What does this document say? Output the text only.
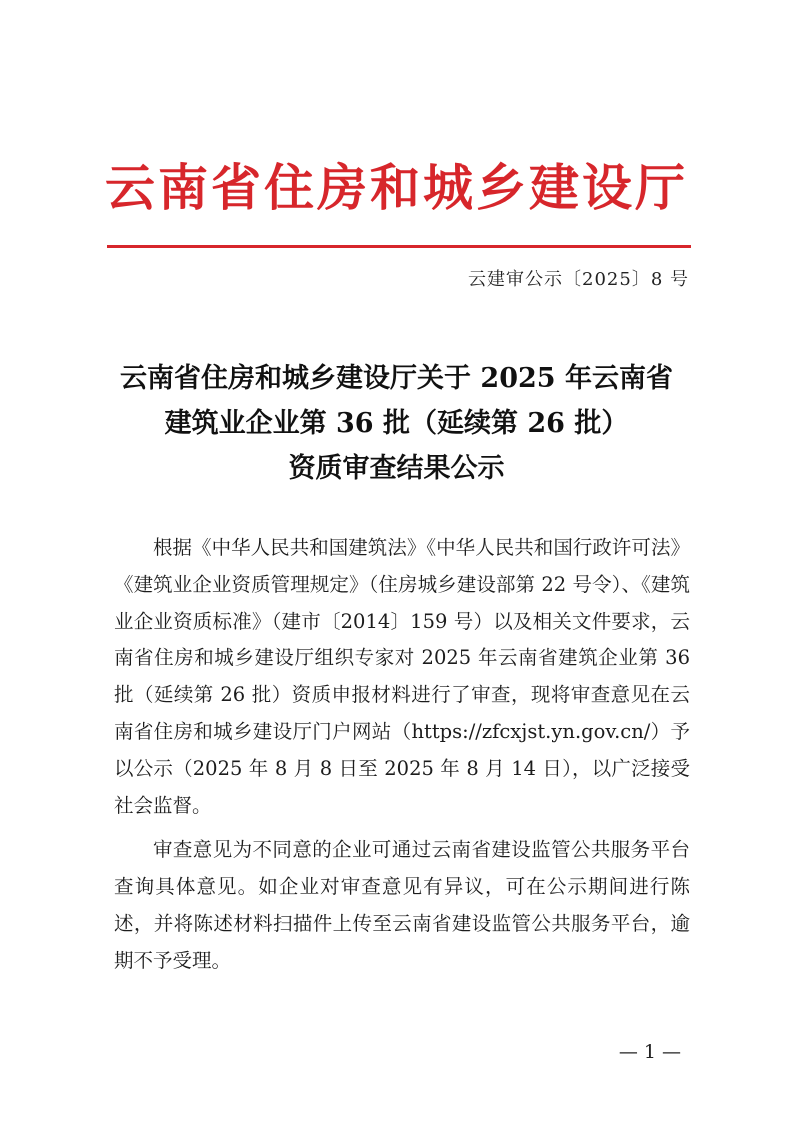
云南省住房和城乡建设厅
云建审公示〔2025〕8 号
云南省住房和城乡建设厅关于 2025 年云南省
建筑业企业第 36 批（延续第 26 批）
资质审查结果公示

根据《中华人民共和国建筑法》《中华人民共和国行政许可法》《建筑业企业资质管理规定》（住房城乡建设部第 22 号令）、《建筑业企业资质标准》（建市〔2014〕159 号）以及相关文件要求，云南省住房和城乡建设厅组织专家对 2025 年云南省建筑企业第 36 批（延续第 26 批）资质申报材料进行了审查，现将审查意见在云南省住房和城乡建设厅门户网站（https://zfcxjst.yn.gov.cn/）予以公示（2025 年 8 月 8 日至 2025 年 8 月 14 日），以广泛接受社会监督。

审查意见为不同意的企业可通过云南省建设监管公共服务平台查询具体意见。如企业对审查意见有异议，可在公示期间进行陈述，并将陈述材料扫描件上传至云南省建设监管公共服务平台，逾期不予受理。

— 1 —
